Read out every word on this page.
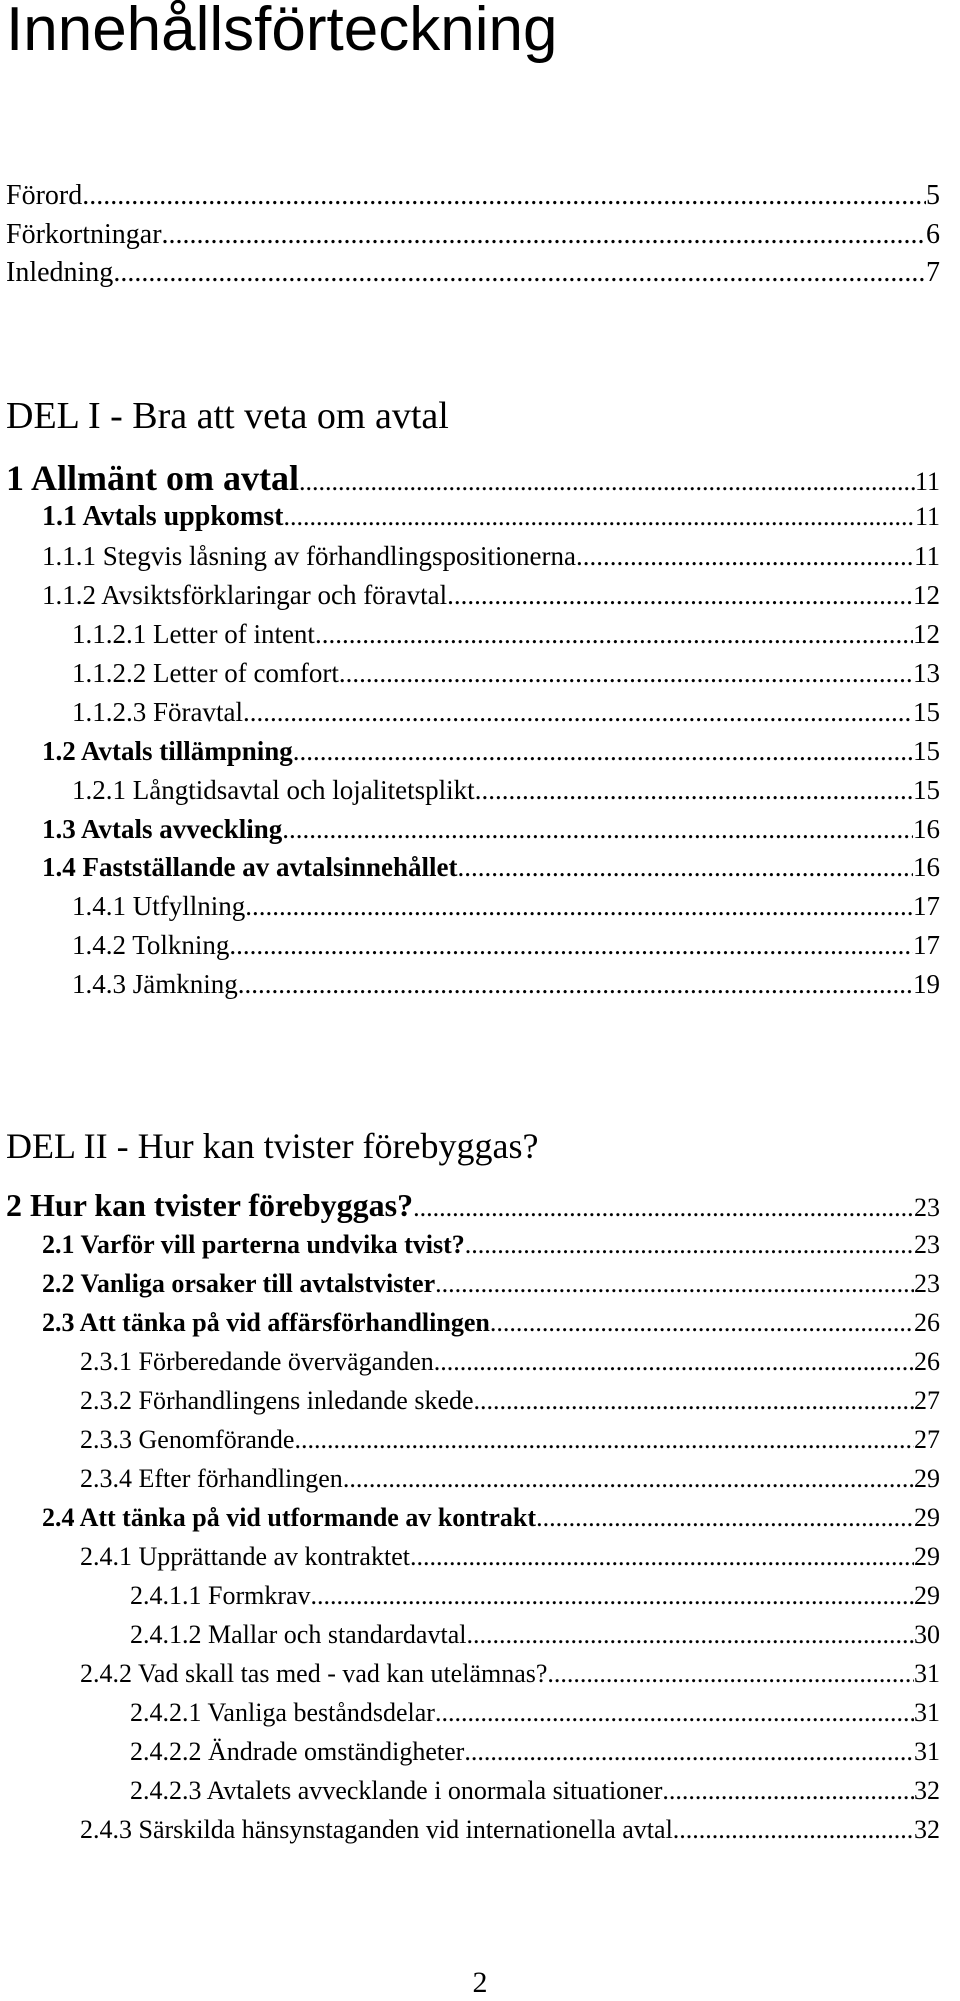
Innehållsförteckning
Förord .....	5
Förkortningar .....	6
Inledning .....	7
DEL I - Bra att veta om avtal
1 Allmänt om avtal .....	11
1.1 Avtals uppkomst .....	11
1.1.1 Stegvis låsning av förhandlingspositionerna .....	11
1.1.2 Avsiktsförklaringar och föravtal .....	12
1.1.2.1 Letter of intent .....	12
1.1.2.2 Letter of comfort .....	13
1.1.2.3 Föravtal .....	15
1.2 Avtals tillämpning .....	15
1.2.1 Långtidsavtal och lojalitetsplikt .....	15
1.3 Avtals avveckling .....	16
1.4 Fastställande av avtalsinnehållet .....	16
1.4.1 Utfyllning .....	17
1.4.2 Tolkning .....	17
1.4.3 Jämkning .....	19
DEL II - Hur kan tvister förebyggas?
2 Hur kan tvister förebyggas? .....	23
2.1 Varför vill parterna undvika tvist? .....	23
2.2 Vanliga orsaker till avtalstvister .....	23
2.3 Att tänka på vid affärsförhandlingen .....	26
2.3.1 Förberedande överväganden .....	26
2.3.2 Förhandlingens inledande skede .....	27
2.3.3 Genomförande .....	27
2.3.4 Efter förhandlingen .....	29
2.4 Att tänka på vid utformande av kontrakt .....	29
2.4.1 Upprättande av kontraktet .....	29
2.4.1.1 Formkrav .....	29
2.4.1.2 Mallar och standardavtal .....	30
2.4.2 Vad skall tas med - vad kan utelämnas? .....	31
2.4.2.1 Vanliga beståndsdelar .....	31
2.4.2.2 Ändrade omständigheter .....	31
2.4.2.3 Avtalets avvecklande i onormala situationer .....	32
2.4.3 Särskilda hänsynstaganden vid internationella avtal .....	32
2
